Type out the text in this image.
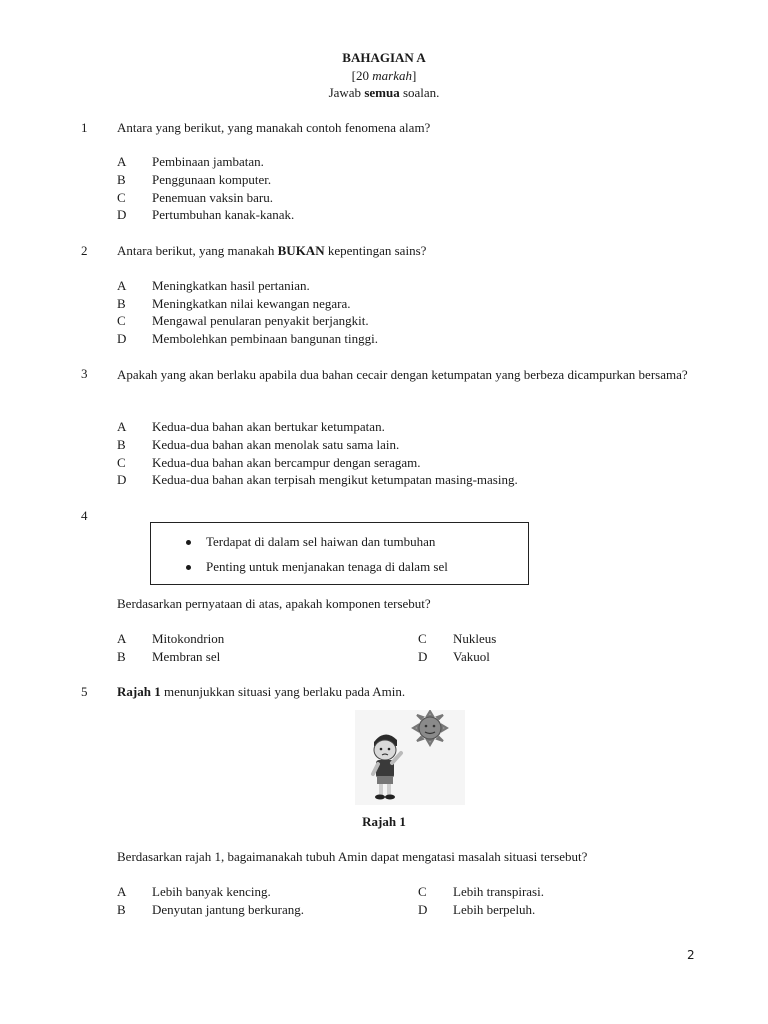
BAHAGIAN A
[20 markah]
Jawab semua soalan.
1 Antara yang berikut, yang manakah contoh fenomena alam?
A Pembinaan jambatan.
B Penggunaan komputer.
C Penemuan vaksin baru.
D Pertumbuhan kanak-kanak.
2 Antara berikut, yang manakah BUKAN kepentingan sains?
A Meningkatkan hasil pertanian.
B Meningkatkan nilai kewangan negara.
C Mengawal penularan penyakit berjangkit.
D Membolehkan pembinaan bangunan tinggi.
3 Apakah yang akan berlaku apabila dua bahan cecair dengan ketumpatan yang berbeza dicampurkan bersama?
A Kedua-dua bahan akan bertukar ketumpatan.
B Kedua-dua bahan akan menolak satu sama lain.
C Kedua-dua bahan akan bercampur dengan seragam.
D Kedua-dua bahan akan terpisah mengikut ketumpatan masing-masing.
4
Terdapat di dalam sel haiwan dan tumbuhan
Penting untuk menjanakan tenaga di dalam sel
Berdasarkan pernyataan di atas, apakah komponen tersebut?
A Mitokondrion	C Nukleus
B Membran sel	D Vakuol
5 Rajah 1 menunjukkan situasi yang berlaku pada Amin.
Rajah 1
Berdasarkan rajah 1, bagaimanakah tubuh Amin dapat mengatasi masalah situasi tersebut?
A Lebih banyak kencing.	C Lebih transpirasi.
B Denyutan jantung berkurang.	D Lebih berpeluh.
2
